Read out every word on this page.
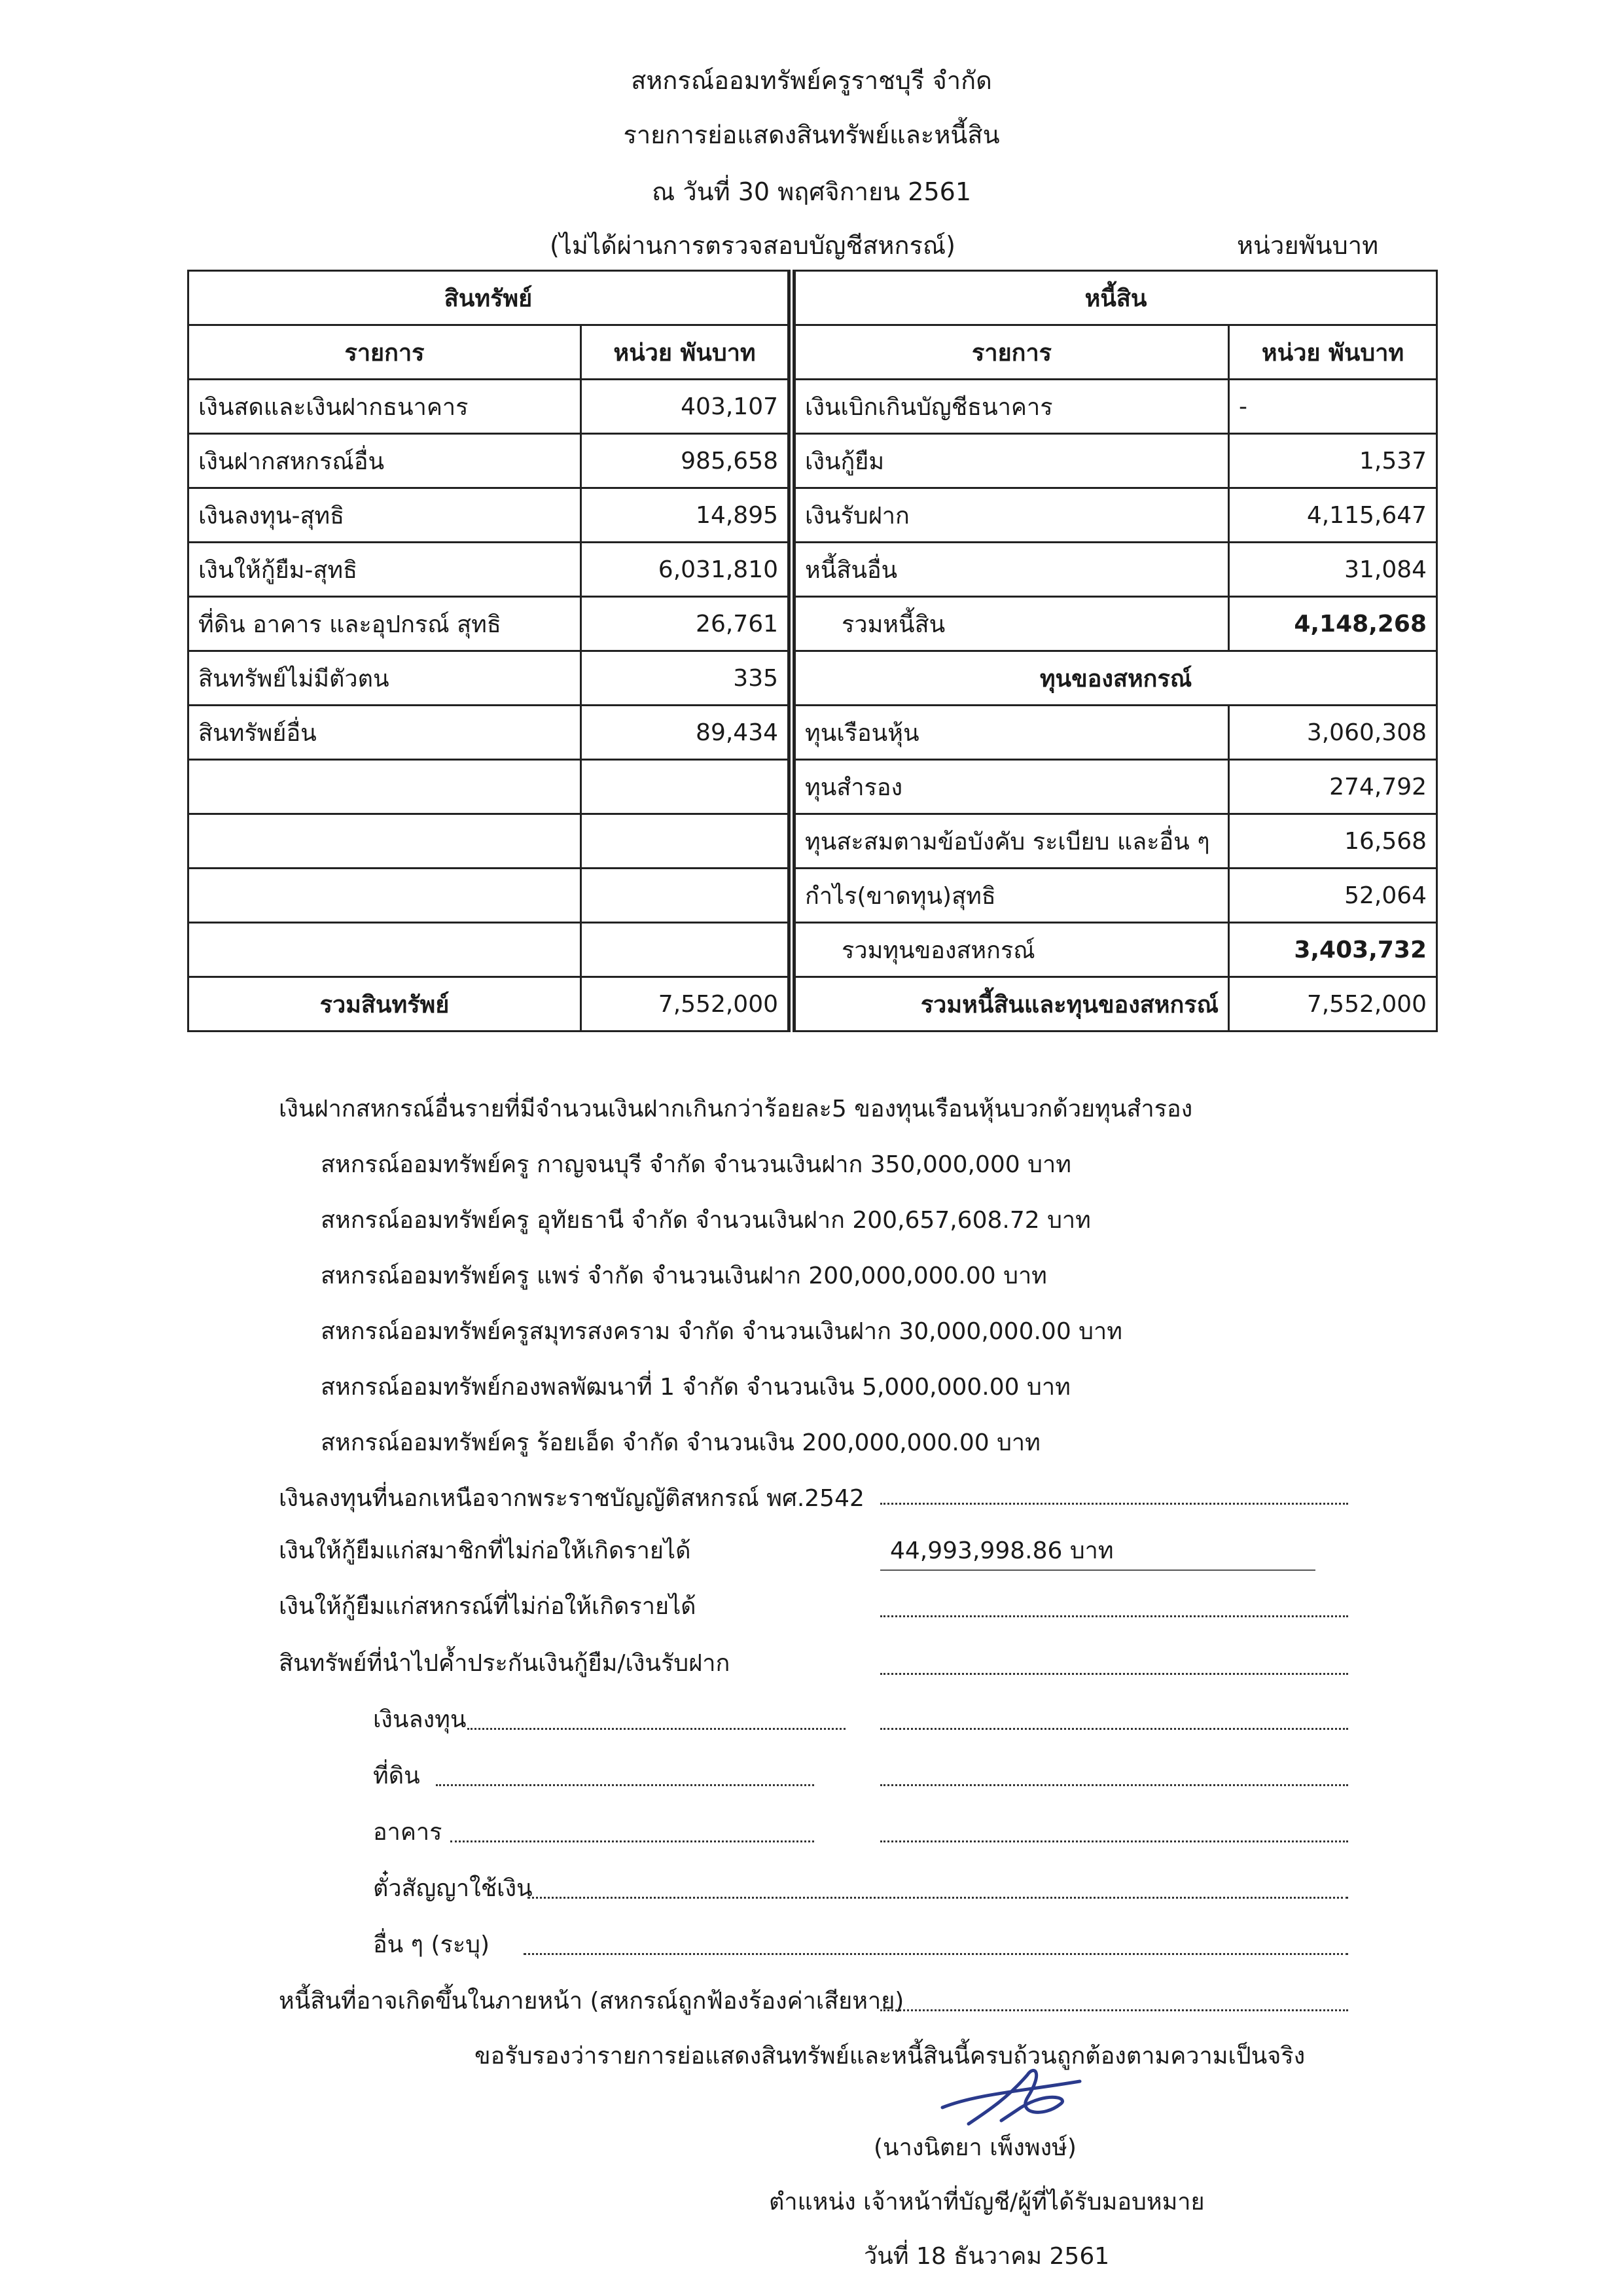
สหกรณ์ออมทรัพย์ครูราชบุรี จำกัด
รายการย่อแสดงสินทรัพย์และหนี้สิน
ณ วันที่ 30 พฤศจิกายน 2561
(ไม่ได้ผ่านการตรวจสอบบัญชีสหกรณ์)	หน่วยพันบาท
สินทรัพย์			หนี้สิน	
รายการ	หน่วย พันบาท		รายการ	หน่วย พันบาท
เงินสดและเงินฝากธนาคาร	403,107		เงินเบิกเกินบัญชีธนาคาร	-
เงินฝากสหกรณ์อื่น	985,658		เงินกู้ยืม	1,537
เงินลงทุน-สุทธิ	14,895		เงินรับฝาก	4,115,647
เงินให้กู้ยืม-สุทธิ	6,031,810		หนี้สินอื่น	31,084
ที่ดิน อาคาร และอุปกรณ์ สุทธิ	26,761		รวมหนี้สิน	4,148,268
สินทรัพย์ไม่มีตัวตน	335		ทุนของสหกรณ์	
สินทรัพย์อื่น	89,434		ทุนเรือนหุ้น	3,060,308
			ทุนสำรอง	274,792
			ทุนสะสมตามข้อบังคับ ระเบียบ และอื่น ๆ	16,568
			กำไร(ขาดทุน)สุทธิ	52,064
			รวมทุนของสหกรณ์	3,403,732
รวมสินทรัพย์	7,552,000		รวมหนี้สินและทุนของสหกรณ์	7,552,000
เงินฝากสหกรณ์อื่นรายที่มีจำนวนเงินฝากเกินกว่าร้อยละ5 ของทุนเรือนหุ้นบวกด้วยทุนสำรอง
สหกรณ์ออมทรัพย์ครู กาญจนบุรี จำกัด จำนวนเงินฝาก 350,000,000 บาท
สหกรณ์ออมทรัพย์ครู อุทัยธานี จำกัด จำนวนเงินฝาก 200,657,608.72 บาท
สหกรณ์ออมทรัพย์ครู แพร่ จำกัด จำนวนเงินฝาก 200,000,000.00 บาท
สหกรณ์ออมทรัพย์ครูสมุทรสงคราม จำกัด จำนวนเงินฝาก 30,000,000.00 บาท
สหกรณ์ออมทรัพย์กองพลพัฒนาที่ 1 จำกัด จำนวนเงิน 5,000,000.00 บาท
สหกรณ์ออมทรัพย์ครู ร้อยเอ็ด จำกัด จำนวนเงิน 200,000,000.00 บาท
เงินลงทุนที่นอกเหนือจากพระราชบัญญัติสหกรณ์ พศ.2542
เงินให้กู้ยืมแก่สมาชิกที่ไม่ก่อให้เกิดรายได้	44,993,998.86 บาท
เงินให้กู้ยืมแก่สหกรณ์ที่ไม่ก่อให้เกิดรายได้
สินทรัพย์ที่นำไปค้ำประกันเงินกู้ยืม/เงินรับฝาก
เงินลงทุน
ที่ดิน
อาคาร
ตั๋วสัญญาใช้เงิน
อื่น ๆ (ระบุ)
หนี้สินที่อาจเกิดขึ้นในภายหน้า (สหกรณ์ถูกฟ้องร้องค่าเสียหาย)
ขอรับรองว่ารายการย่อแสดงสินทรัพย์และหนี้สินนี้ครบถ้วนถูกต้องตามความเป็นจริง
(นางนิตยา เพ็งพงษ์)
ตำแหน่ง เจ้าหน้าที่บัญชี/ผู้ที่ได้รับมอบหมาย
วันที่ 18 ธันวาคม 2561
